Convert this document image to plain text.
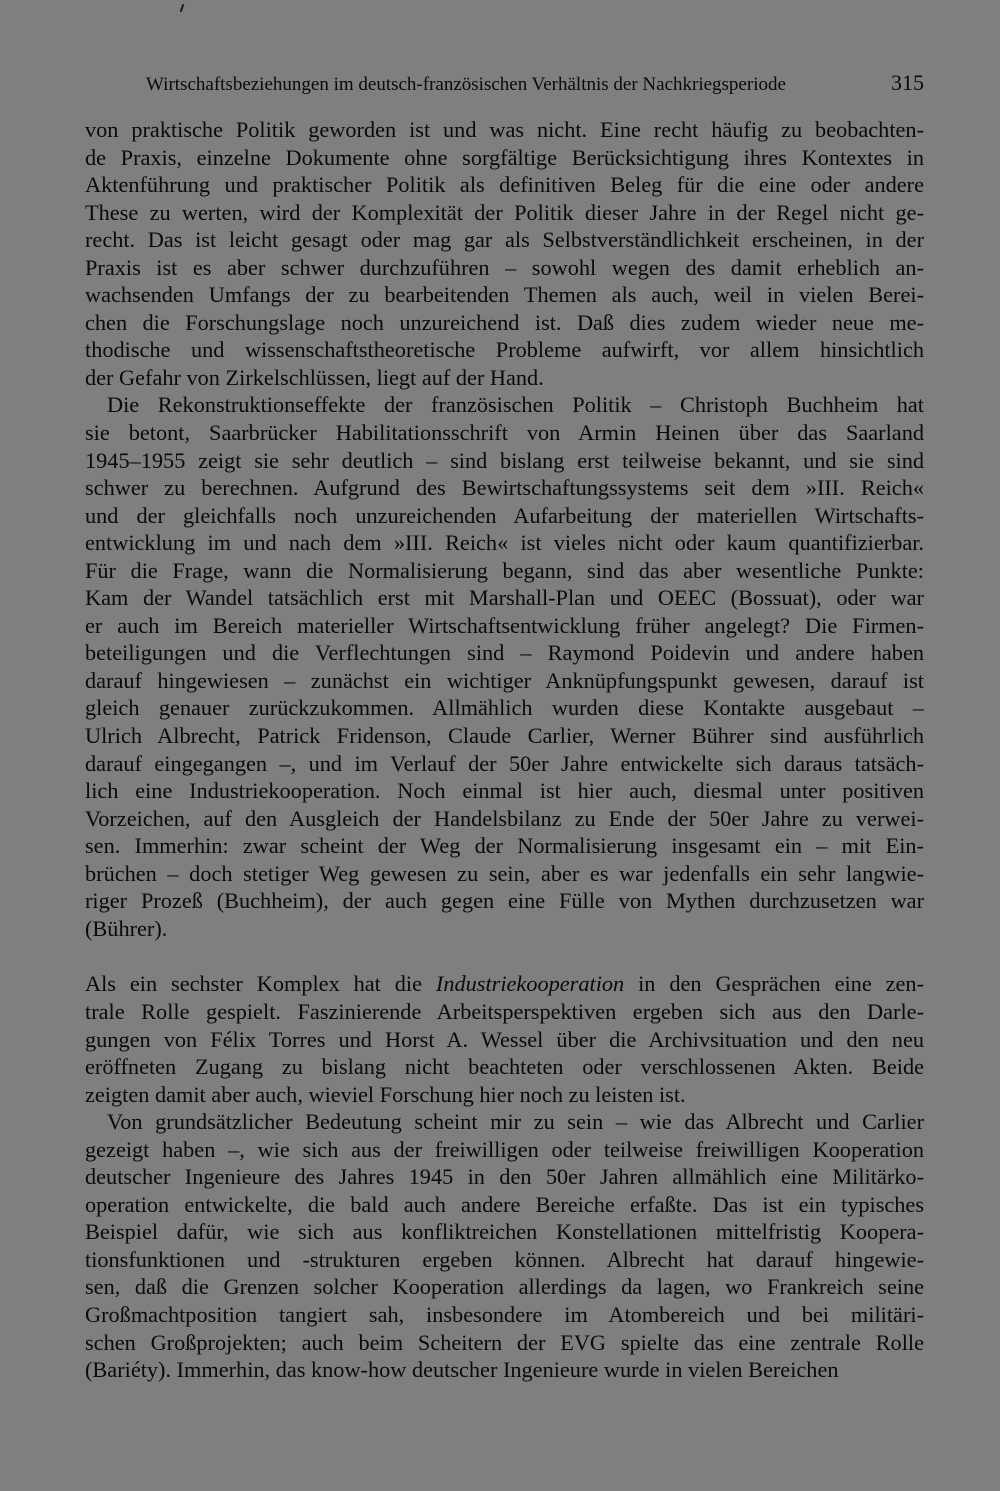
Wirtschaftsbeziehungen im deutsch-französischen Verhältnis der Nachkriegsperiode	315
von praktische Politik geworden ist und was nicht. Eine recht häufig zu beobachten-
de Praxis, einzelne Dokumente ohne sorgfältige Berücksichtigung ihres Kontextes in
Aktenführung und praktischer Politik als definitiven Beleg für die eine oder andere
These zu werten, wird der Komplexität der Politik dieser Jahre in der Regel nicht ge-
recht. Das ist leicht gesagt oder mag gar als Selbstverständlichkeit erscheinen, in der
Praxis ist es aber schwer durchzuführen – sowohl wegen des damit erheblich an-
wachsenden Umfangs der zu bearbeitenden Themen als auch, weil in vielen Berei-
chen die Forschungslage noch unzureichend ist. Daß dies zudem wieder neue me-
thodische und wissenschaftstheoretische Probleme aufwirft, vor allem hinsichtlich
der Gefahr von Zirkelschlüssen, liegt auf der Hand.
Die Rekonstruktionseffekte der französischen Politik – Christoph Buchheim hat
sie betont, Saarbrücker Habilitationsschrift von Armin Heinen über das Saarland
1945–1955 zeigt sie sehr deutlich – sind bislang erst teilweise bekannt, und sie sind
schwer zu berechnen. Aufgrund des Bewirtschaftungssystems seit dem »III. Reich«
und der gleichfalls noch unzureichenden Aufarbeitung der materiellen Wirtschafts-
entwicklung im und nach dem »III. Reich« ist vieles nicht oder kaum quantifizierbar.
Für die Frage, wann die Normalisierung begann, sind das aber wesentliche Punkte:
Kam der Wandel tatsächlich erst mit Marshall-Plan und OEEC (Bossuat), oder war
er auch im Bereich materieller Wirtschaftsentwicklung früher angelegt? Die Firmen-
beteiligungen und die Verflechtungen sind – Raymond Poidevin und andere haben
darauf hingewiesen – zunächst ein wichtiger Anknüpfungspunkt gewesen, darauf ist
gleich genauer zurückzukommen. Allmählich wurden diese Kontakte ausgebaut –
Ulrich Albrecht, Patrick Fridenson, Claude Carlier, Werner Bührer sind ausführlich
darauf eingegangen –, und im Verlauf der 50er Jahre entwickelte sich daraus tatsäch-
lich eine Industriekooperation. Noch einmal ist hier auch, diesmal unter positiven
Vorzeichen, auf den Ausgleich der Handelsbilanz zu Ende der 50er Jahre zu verwei-
sen. Immerhin: zwar scheint der Weg der Normalisierung insgesamt ein – mit Ein-
brüchen – doch stetiger Weg gewesen zu sein, aber es war jedenfalls ein sehr langwie-
riger Prozeß (Buchheim), der auch gegen eine Fülle von Mythen durchzusetzen war
(Bührer).
Als ein sechster Komplex hat die Industriekooperation in den Gesprächen eine zen-
trale Rolle gespielt. Faszinierende Arbeitsperspektiven ergeben sich aus den Darle-
gungen von Félix Torres und Horst A. Wessel über die Archivsituation und den neu
eröffneten Zugang zu bislang nicht beachteten oder verschlossenen Akten. Beide
zeigten damit aber auch, wieviel Forschung hier noch zu leisten ist.
Von grundsätzlicher Bedeutung scheint mir zu sein – wie das Albrecht und Carlier
gezeigt haben –, wie sich aus der freiwilligen oder teilweise freiwilligen Kooperation
deutscher Ingenieure des Jahres 1945 in den 50er Jahren allmählich eine Militärko-
operation entwickelte, die bald auch andere Bereiche erfaßte. Das ist ein typisches
Beispiel dafür, wie sich aus konfliktreichen Konstellationen mittelfristig Koopera-
tionsfunktionen und -strukturen ergeben können. Albrecht hat darauf hingewie-
sen, daß die Grenzen solcher Kooperation allerdings da lagen, wo Frankreich seine
Großmachtposition tangiert sah, insbesondere im Atombereich und bei militäri-
schen Großprojekten; auch beim Scheitern der EVG spielte das eine zentrale Rolle
(Bariéty). Immerhin, das know-how deutscher Ingenieure wurde in vielen Bereichen
